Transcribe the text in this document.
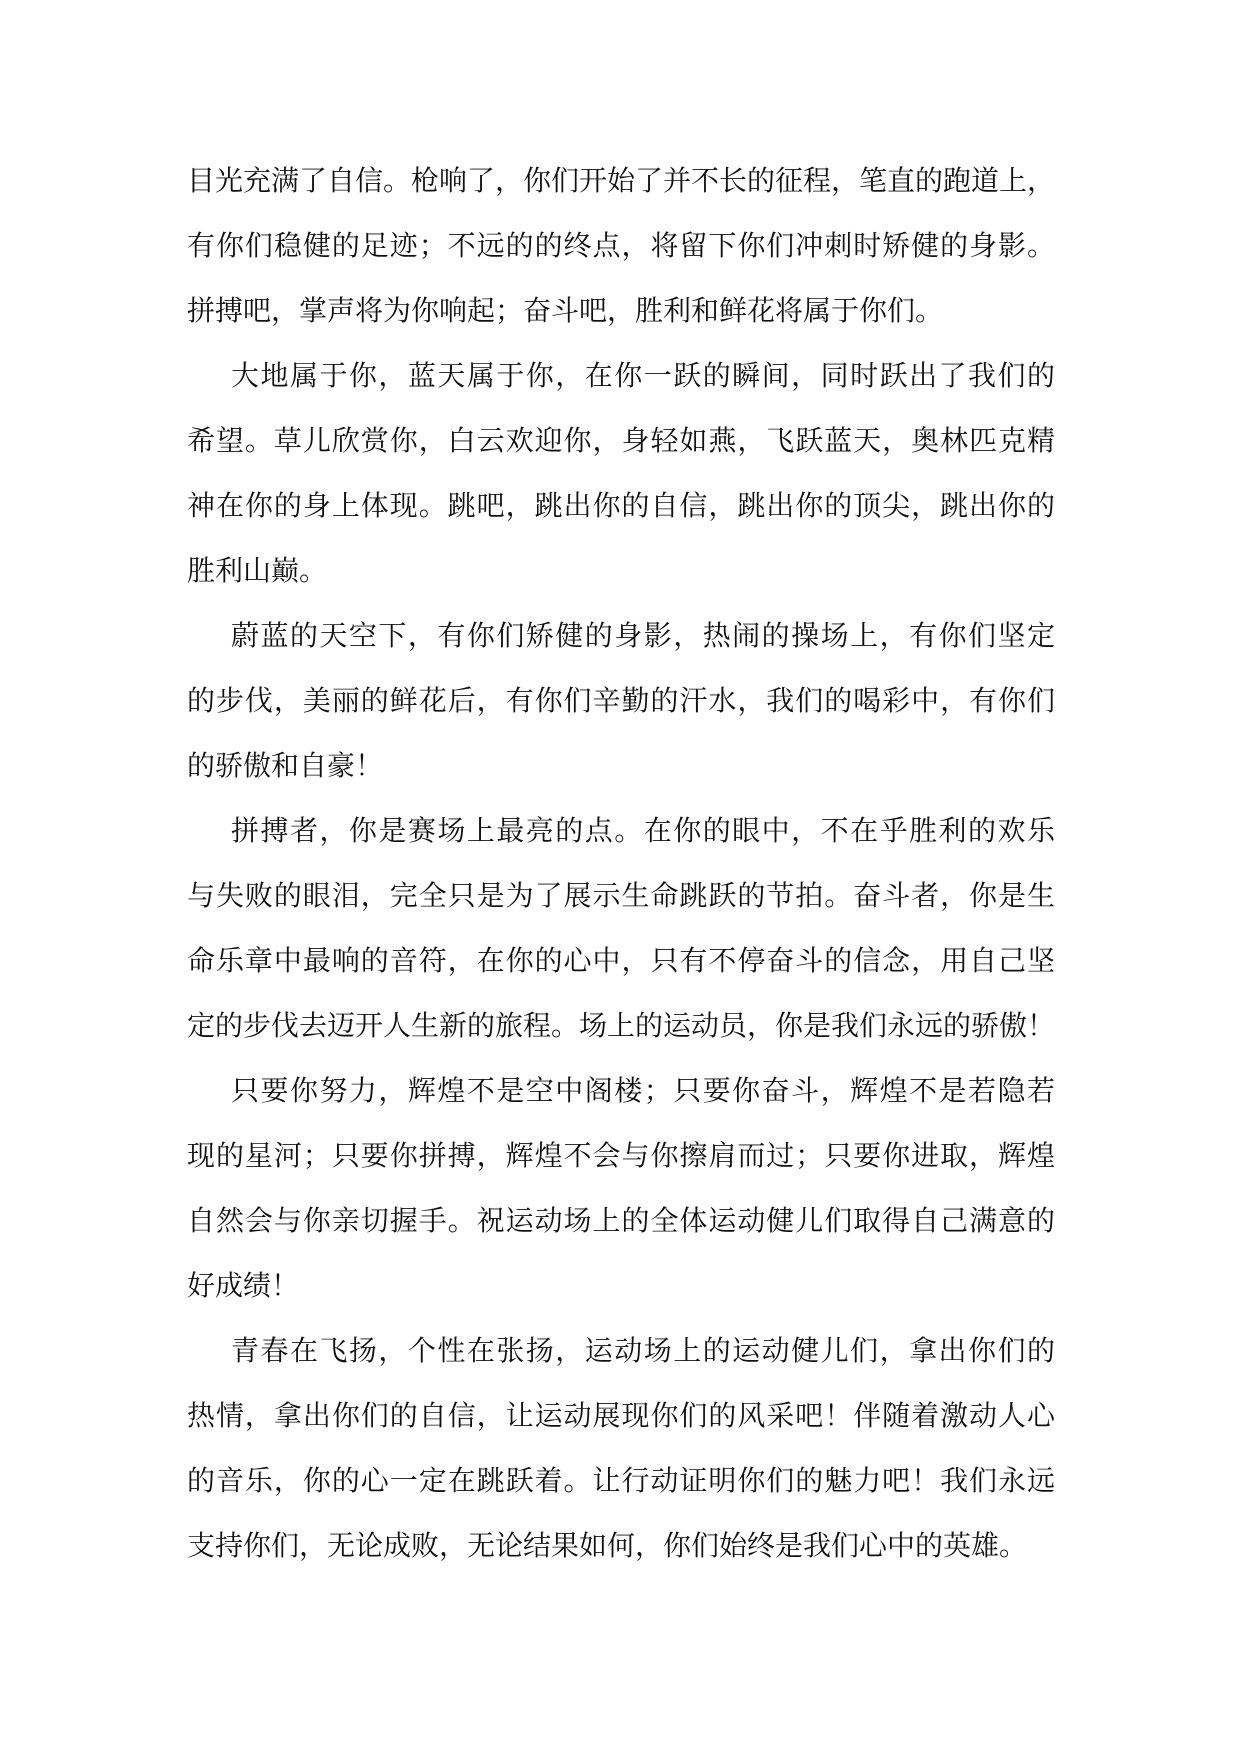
目光充满了自信。枪响了，你们开始了并不长的征程，笔直的跑道上，
有你们稳健的足迹；不远的的终点，将留下你们冲刺时矫健的身影。
拼搏吧，掌声将为你响起；奋斗吧，胜利和鲜花将属于你们。
大地属于你，蓝天属于你，在你一跃的瞬间，同时跃出了我们的
希望。草儿欣赏你，白云欢迎你，身轻如燕，飞跃蓝天，奥林匹克精
神在你的身上体现。跳吧，跳出你的自信，跳出你的顶尖，跳出你的
胜利山巅。
蔚蓝的天空下，有你们矫健的身影，热闹的操场上，有你们坚定
的步伐，美丽的鲜花后，有你们辛勤的汗水，我们的喝彩中，有你们
的骄傲和自豪！
拼搏者，你是赛场上最亮的点。在你的眼中，不在乎胜利的欢乐
与失败的眼泪，完全只是为了展示生命跳跃的节拍。奋斗者，你是生
命乐章中最响的音符，在你的心中，只有不停奋斗的信念，用自己坚
定的步伐去迈开人生新的旅程。场上的运动员，你是我们永远的骄傲！
只要你努力，辉煌不是空中阁楼；只要你奋斗，辉煌不是若隐若
现的星河；只要你拼搏，辉煌不会与你擦肩而过；只要你进取，辉煌
自然会与你亲切握手。祝运动场上的全体运动健儿们取得自己满意的
好成绩！
青春在飞扬，个性在张扬，运动场上的运动健儿们，拿出你们的
热情，拿出你们的自信，让运动展现你们的风采吧！伴随着激动人心
的音乐，你的心一定在跳跃着。让行动证明你们的魅力吧！我们永远
支持你们，无论成败，无论结果如何，你们始终是我们心中的英雄。
